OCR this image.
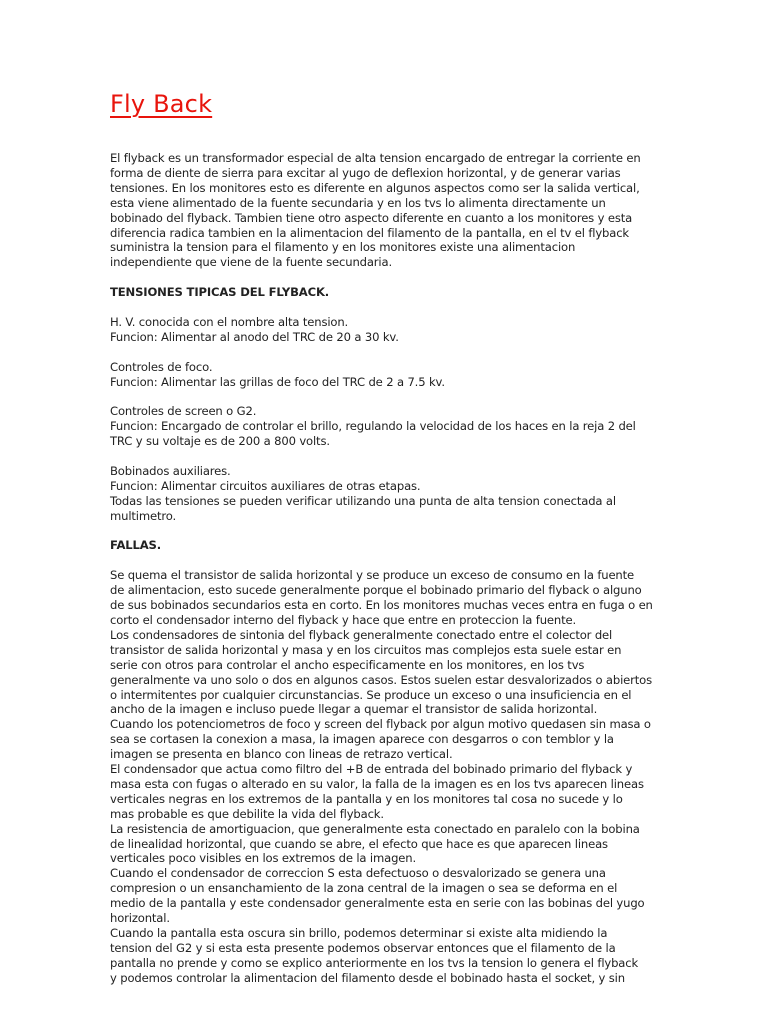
Fly Back

El flyback es un transformador especial de alta tension encargado de entregar la corriente en
forma de diente de sierra para excitar al yugo de deflexion horizontal, y de generar varias
tensiones. En los monitores esto es diferente en algunos aspectos como ser la salida vertical,
esta viene alimentado de la fuente secundaria y en los tvs lo alimenta directamente un
bobinado del flyback. Tambien tiene otro aspecto diferente en cuanto a los monitores y esta
diferencia radica tambien en la alimentacion del filamento de la pantalla, en el tv el flyback
suministra la tension para el filamento y en los monitores existe una alimentacion
independiente que viene de la fuente secundaria.

TENSIONES TIPICAS DEL FLYBACK.

H. V. conocida con el nombre alta tension.
Funcion: Alimentar al anodo del TRC de 20 a 30 kv.

Controles de foco.
Funcion: Alimentar las grillas de foco del TRC de 2 a 7.5 kv.

Controles de screen o G2.
Funcion: Encargado de controlar el brillo, regulando la velocidad de los haces en la reja 2 del
TRC y su voltaje es de 200 a 800 volts.

Bobinados auxiliares.
Funcion: Alimentar circuitos auxiliares de otras etapas.
Todas las tensiones se pueden verificar utilizando una punta de alta tension conectada al
multimetro.

FALLAS.

Se quema el transistor de salida horizontal y se produce un exceso de consumo en la fuente
de alimentacion, esto sucede generalmente porque el bobinado primario del flyback o alguno
de sus bobinados secundarios esta en corto. En los monitores muchas veces entra en fuga o en
corto el condensador interno del flyback y hace que entre en proteccion la fuente.
Los condensadores de sintonia del flyback generalmente conectado entre el colector del
transistor de salida horizontal y masa y en los circuitos mas complejos esta suele estar en
serie con otros para controlar el ancho especificamente en los monitores, en los tvs
generalmente va uno solo o dos en algunos casos. Estos suelen estar desvalorizados o abiertos
o intermitentes por cualquier circunstancias. Se produce un exceso o una insuficiencia en el
ancho de la imagen e incluso puede llegar a quemar el transistor de salida horizontal.
Cuando los potenciometros de foco y screen del flyback por algun motivo quedasen sin masa o
sea se cortasen la conexion a masa, la imagen aparece con desgarros o con temblor y la
imagen se presenta en blanco con lineas de retrazo vertical.
El condensador que actua como filtro del +B de entrada del bobinado primario del flyback y
masa esta con fugas o alterado en su valor, la falla de la imagen es en los tvs aparecen lineas
verticales negras en los extremos de la pantalla y en los monitores tal cosa no sucede y lo
mas probable es que debilite la vida del flyback.
La resistencia de amortiguacion, que generalmente esta conectado en paralelo con la bobina
de linealidad horizontal, que cuando se abre, el efecto que hace es que aparecen lineas
verticales poco visibles en los extremos de la imagen.
Cuando el condensador de correccion S esta defectuoso o desvalorizado se genera una
compresion o un ensanchamiento de la zona central de la imagen o sea se deforma en el
medio de la pantalla y este condensador generalmente esta en serie con las bobinas del yugo
horizontal.
Cuando la pantalla esta oscura sin brillo, podemos determinar si existe alta midiendo la
tension del G2 y si esta esta presente podemos observar entonces que el filamento de la
pantalla no prende y como se explico anteriormente en los tvs la tension lo genera el flyback
y podemos controlar la alimentacion del filamento desde el bobinado hasta el socket, y sin
